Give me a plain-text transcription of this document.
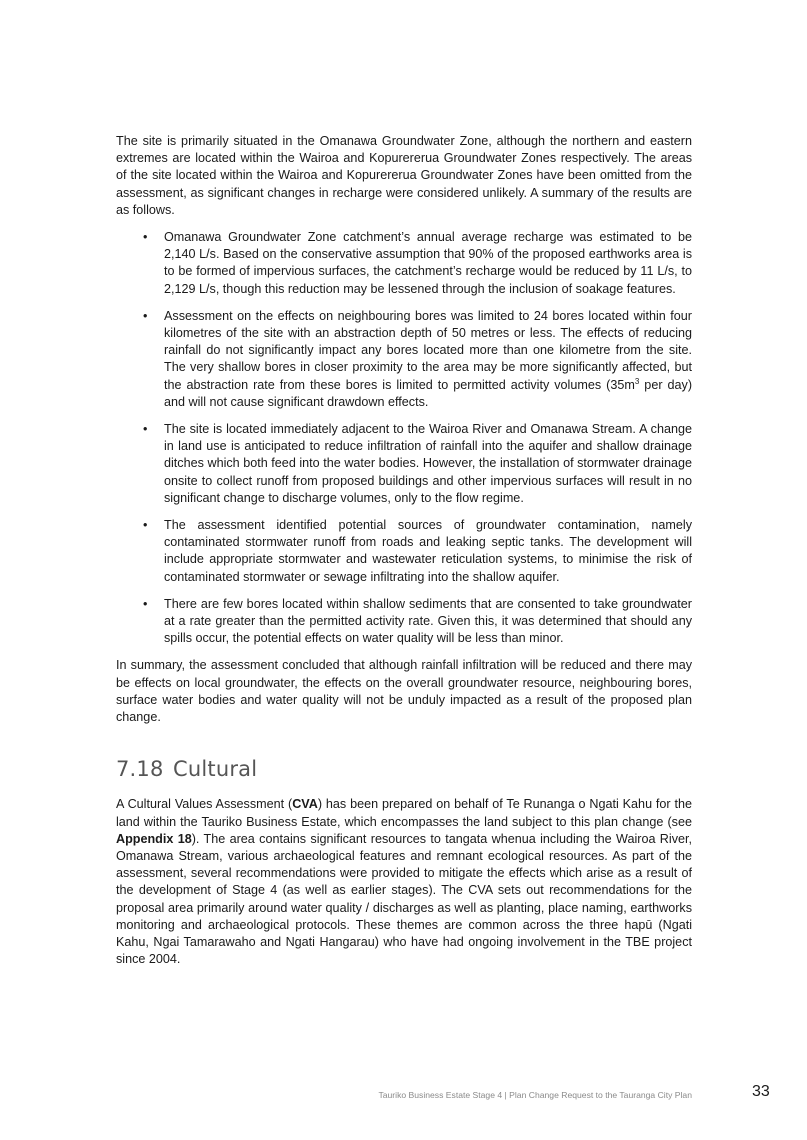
The site is primarily situated in the Omanawa Groundwater Zone, although the northern and eastern extremes are located within the Wairoa and Kopurererua Groundwater Zones respectively. The areas of the site located within the Wairoa and Kopurererua Groundwater Zones have been omitted from the assessment, as significant changes in recharge were considered unlikely. A summary of the results are as follows.

• Omanawa Groundwater Zone catchment’s annual average recharge was estimated to be 2,140 L/s. Based on the conservative assumption that 90% of the proposed earthworks area is to be formed of impervious surfaces, the catchment’s recharge would be reduced by 11 L/s, to 2,129 L/s, though this reduction may be lessened through the inclusion of soakage features.
• Assessment on the effects on neighbouring bores was limited to 24 bores located within four kilometres of the site with an abstraction depth of 50 metres or less. The effects of reducing rainfall do not significantly impact any bores located more than one kilometre from the site. The very shallow bores in closer proximity to the area may be more significantly affected, but the abstraction rate from these bores is limited to permitted activity volumes ($35m^3$ per day) and will not cause significant drawdown effects.
• The site is located immediately adjacent to the Wairoa River and Omanawa Stream. A change in land use is anticipated to reduce infiltration of rainfall into the aquifer and shallow drainage ditches which both feed into the water bodies. However, the installation of stormwater drainage onsite to collect runoff from proposed buildings and other impervious surfaces will result in no significant change to discharge volumes, only to the flow regime.
• The assessment identified potential sources of groundwater contamination, namely contaminated stormwater runoff from roads and leaking septic tanks. The development will include appropriate stormwater and wastewater reticulation systems, to minimise the risk of contaminated stormwater or sewage infiltrating into the shallow aquifer.
• There are few bores located within shallow sediments that are consented to take groundwater at a rate greater than the permitted activity rate. Given this, it was determined that should any spills occur, the potential effects on water quality will be less than minor.

In summary, the assessment concluded that although rainfall infiltration will be reduced and there may be effects on local groundwater, the effects on the overall groundwater resource, neighbouring bores, surface water bodies and water quality will not be unduly impacted as a result of the proposed plan change.

7.18 Cultural

A Cultural Values Assessment (CVA) has been prepared on behalf of Te Runanga o Ngati Kahu for the land within the Tauriko Business Estate, which encompasses the land subject to this plan change (see Appendix 18). The area contains significant resources to tangata whenua including the Wairoa River, Omanawa Stream, various archaeological features and remnant ecological resources. As part of the assessment, several recommendations were provided to mitigate the effects which arise as a result of the development of Stage 4 (as well as earlier stages). The CVA sets out recommendations for the proposal area primarily around water quality / discharges as well as planting, place naming, earthworks monitoring and archaeological protocols. These themes are common across the three hapū (Ngati Kahu, Ngai Tamarawaho and Ngati Hangarau) who have had ongoing involvement in the TBE project since 2004.

Tauriko Business Estate Stage 4 | Plan Change Request to the Tauranga City Plan	33
